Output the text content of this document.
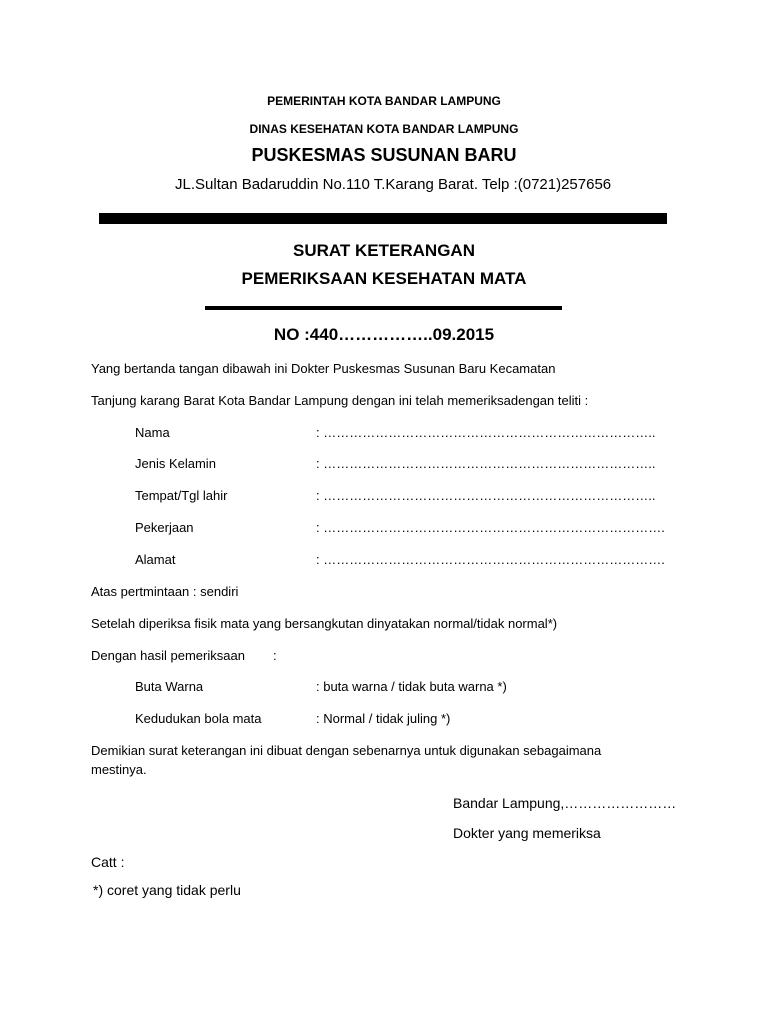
PEMERINTAH KOTA BANDAR LAMPUNG
DINAS KESEHATAN KOTA BANDAR LAMPUNG
PUSKESMAS SUSUNAN BARU
JL.Sultan Badaruddin No.110 T.Karang Barat. Telp :(0721)257656
SURAT KETERANGAN
PEMERIKSAAN KESEHATAN MATA
NO :440……………..09.2015
Yang bertanda tangan dibawah ini Dokter Puskesmas Susunan Baru Kecamatan
Tanjung karang Barat Kota Bandar Lampung dengan ini telah memeriksadengan teliti :
Nama	: …………………………………………………………………..
Jenis Kelamin	: …………………………………………………………………..
Tempat/Tgl lahir	: …………………………………………………………………..
Pekerjaan	: …………………………………………………………………….
Alamat	: …………………………………………………………………….
Atas pertmintaan : sendiri
Setelah diperiksa fisik mata yang bersangkutan dinyatakan normal/tidak normal*)
Dengan hasil pemeriksaan :
Buta Warna	: buta warna / tidak buta warna *)
Kedudukan bola mata	: Normal / tidak juling *)
Demikian surat keterangan ini dibuat dengan sebenarnya untuk digunakan sebagaimana
mestinya.
Bandar Lampung,……………………
Dokter yang memeriksa
Catt :
*) coret yang tidak perlu
